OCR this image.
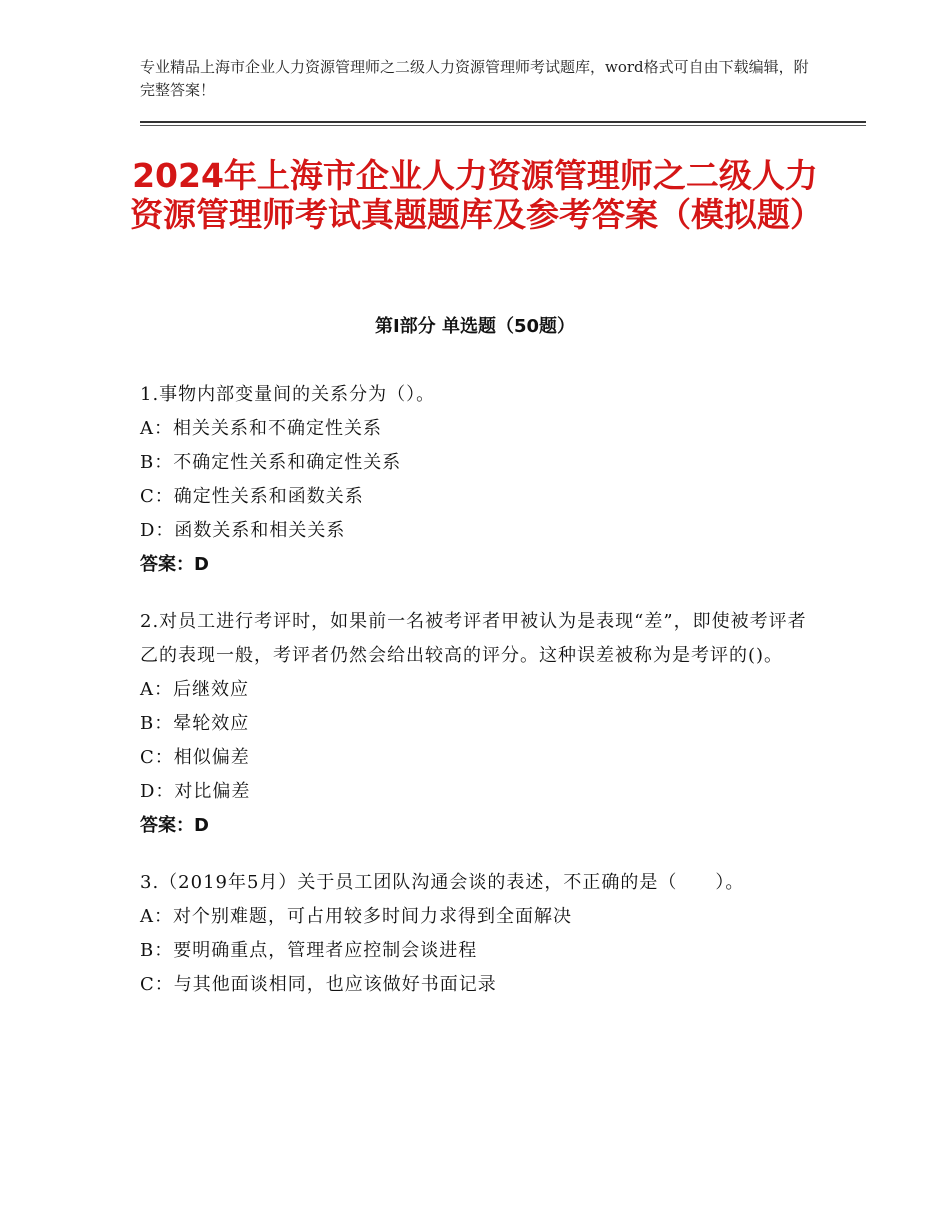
专业精品上海市企业人力资源管理师之二级人力资源管理师考试题库，word格式可自由下载编辑，附完整答案！
2024年上海市企业人力资源管理师之二级人力资源管理师考试真题题库及参考答案（模拟题）
第Ⅰ部分 单选题（50题）

1.事物内部变量间的关系分为（）。

A：相关关系和不确定性关系

B：不确定性关系和确定性关系

C：确定性关系和函数关系

D：函数关系和相关关系

答案：D

2.对员工进行考评时，如果前一名被考评者甲被认为是表现“差”，即使被考评者乙的表现一般，考评者仍然会给出较高的评分。这种误差被称为是考评的()。

A：后继效应

B：晕轮效应

C：相似偏差

D：对比偏差

答案：D

3.（2019年5月）关于员工团队沟通会谈的表述，不正确的是（　　）。

A：对个别难题，可占用较多时间力求得到全面解决

B：要明确重点，管理者应控制会谈进程

C：与其他面谈相同，也应该做好书面记录
